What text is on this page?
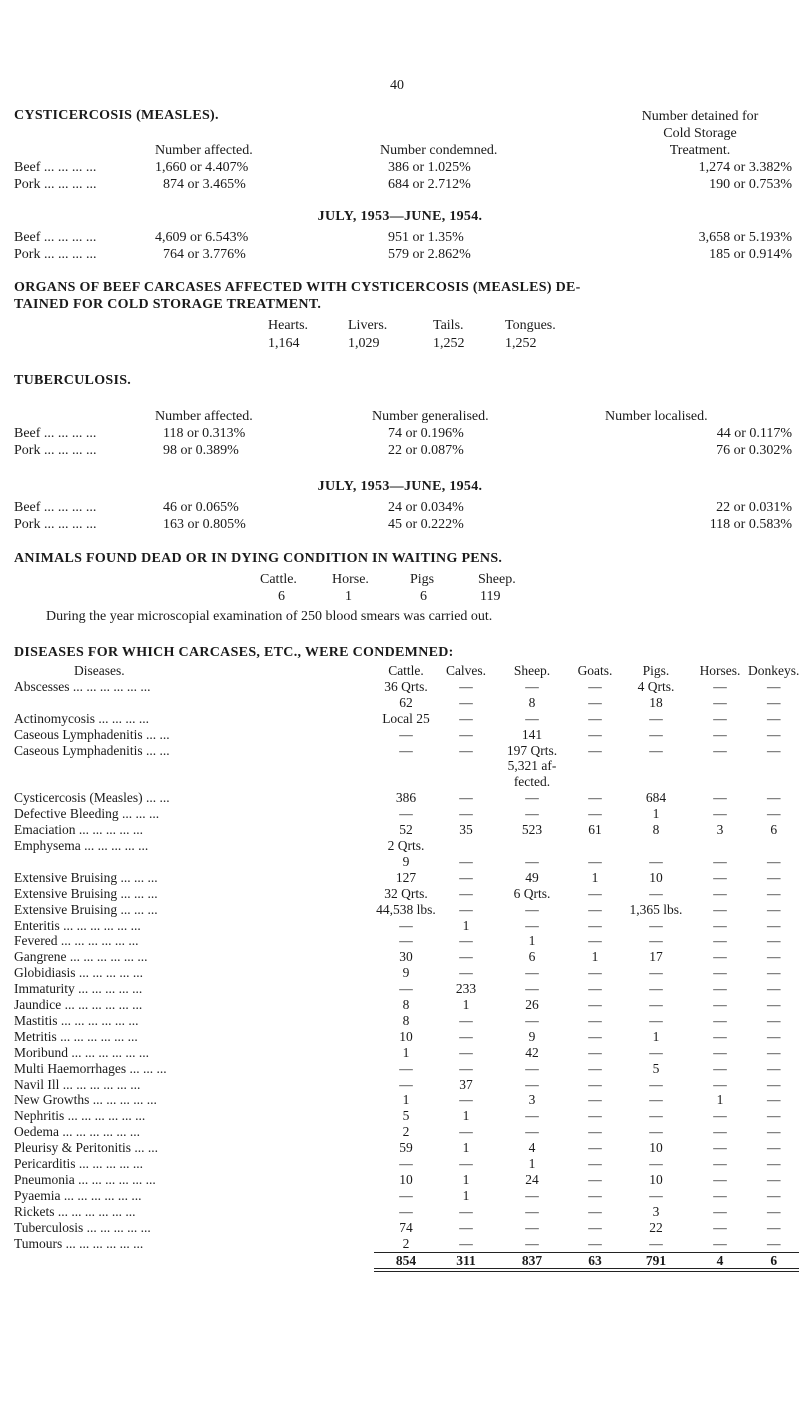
40
CYSTICERCOSIS (MEASLES).	Number detained for
Cold Storage
Number affected.	Number condemned.	Treatment.
Beef ... ... ... ...	1,660 or 4.407%	386 or 1.025%	1,274 or 3.382%
Pork ... ... ... ...	874 or 3.465%	684 or 2.712%	190 or 0.753%
JULY, 1953—JUNE, 1954.
Beef ... ... ... ...	4,609 or 6.543%	951 or 1.35%	3,658 or 5.193%
Pork ... ... ... ...	764 or 3.776%	579 or 2.862%	185 or 0.914%
ORGANS OF BEEF CARCASES AFFECTED WITH CYSTICERCOSIS (MEASLES) DE-
TAINED FOR COLD STORAGE TREATMENT.
Hearts.	Livers.	Tails.	Tongues.
1,164	1,029	1,252	1,252
TUBERCULOSIS.
Number affected.	Number generalised.	Number localised.
Beef ... ... ... ...	118 or 0.313%	74 or 0.196%	44 or 0.117%
Pork ... ... ... ...	98 or 0.389%	22 or 0.087%	76 or 0.302%
JULY, 1953—JUNE, 1954.
Beef ... ... ... ...	46 or 0.065%	24 or 0.034%	22 or 0.031%
Pork ... ... ... ...	163 or 0.805%	45 or 0.222%	118 or 0.583%
ANIMALS FOUND DEAD OR IN DYING CONDITION IN WAITING PENS.
Cattle.	Horse.	Pigs	Sheep.
6	1	6	119
During the year microscopial examination of 250 blood smears was carried out.
DISEASES FOR WHICH CARCASES, ETC., WERE CONDEMNED:
Diseases.	Cattle.	Calves.	Sheep.	Goats.	Pigs.	Horses.	Donkeys.
Abscesses ... ... ... ... ... ...	36 Qrts.	—	—	—	4 Qrts.	—	—
	62	—	8	—	18	—	—
Actinomycosis ... ... ... ...	Local 25	—	—	—	—	—	—
Caseous Lymphadenitis ... ...	—	—	141	—	—	—	—
Caseous Lymphadenitis ... ...	—	—	197 Qrts.	—	—	—	—
			5,321 af-				
			fected.				
Cysticercosis (Measles) ... ...	386	—	—	—	684	—	—
Defective Bleeding ... ... ...	—	—	—	—	1	—	—
Emaciation ... ... ... ... ...	52	35	523	61	8	3	6
Emphysema ... ... ... ... ...	2 Qrts.						
	9	—	—	—	—	—	—
Extensive Bruising ... ... ...	127	—	49	1	10	—	—
Extensive Bruising ... ... ...	32 Qrts.	—	6 Qrts.	—	—	—	—
Extensive Bruising ... ... ...	44,538 lbs.	—	—	—	1,365 lbs.	—	—
Enteritis ... ... ... ... ... ...	—	1	—	—	—	—	—
Fevered ... ... ... ... ... ...	—	—	1	—	—	—	—
Gangrene ... ... ... ... ... ...	30	—	6	1	17	—	—
Globidiasis ... ... ... ... ...	9	—	—	—	—	—	—
Immaturity ... ... ... ... ...	—	233	—	—	—	—	—
Jaundice ... ... ... ... ... ...	8	1	26	—	—	—	—
Mastitis ... ... ... ... ... ...	8	—	—	—	—	—	—
Metritis ... ... ... ... ... ...	10	—	9	—	1	—	—
Moribund ... ... ... ... ... ...	1	—	42	—	—	—	—
Multi Haemorrhages ... ... ...	—	—	—	—	5	—	—
Navil Ill ... ... ... ... ... ...	—	37	—	—	—	—	—
New Growths ... ... ... ... ...	1	—	3	—	—	1	—
Nephritis ... ... ... ... ... ...	5	1	—	—	—	—	—
Oedema ... ... ... ... ... ...	2	—	—	—	—	—	—
Pleurisy & Peritonitis ... ...	59	1	4	—	10	—	—
Pericarditis ... ... ... ... ...	—	—	1	—	—	—	—
Pneumonia ... ... ... ... ... ...	10	1	24	—	10	—	—
Pyaemia ... ... ... ... ... ...	—	1	—	—	—	—	—
Rickets ... ... ... ... ... ...	—	—	—	—	3	—	—
Tuberculosis ... ... ... ... ...	74	—	—	—	22	—	—
Tumours ... ... ... ... ... ...	2	—	—	—	—	—	—
	854	311	837	63	791	4	6
